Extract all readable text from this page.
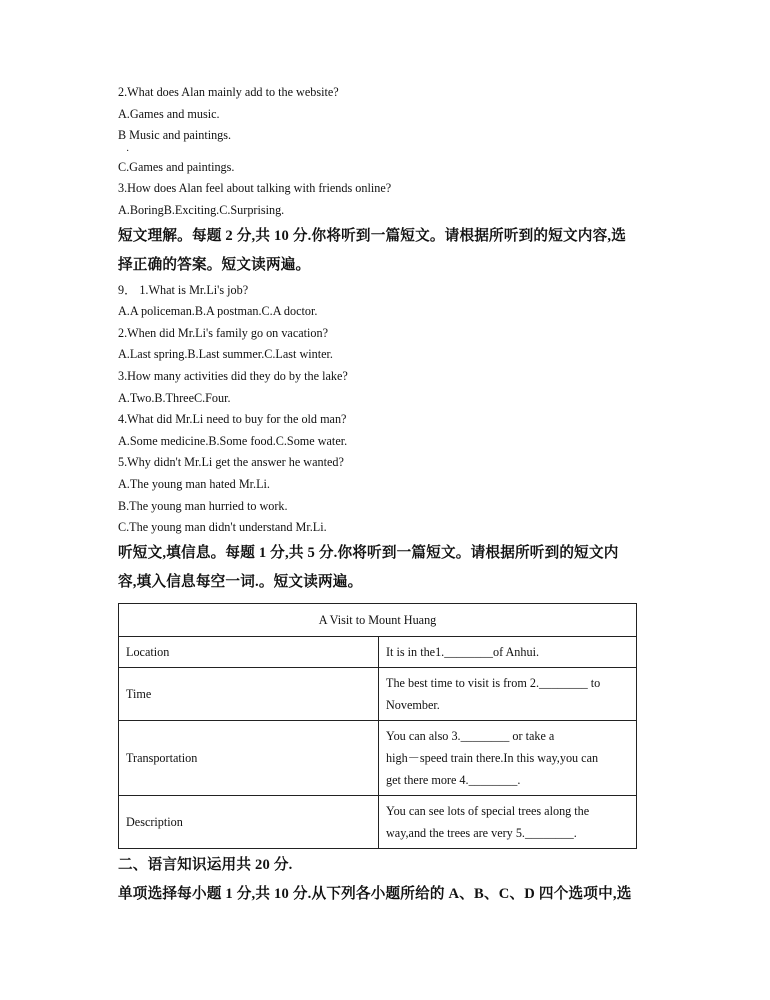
2.What does Alan mainly add to the website?
A.Games and music.
B Music and paintings.
·
C.Games and paintings.
3.How does Alan feel about talking with friends online?
A.BoringB.Exciting.C.Surprising.
短文理解。每题 2 分,共 10 分.你将听到一篇短文。请根据所听到的短文内容,选
择正确的答案。短文读两遍。
9． 1.What is Mr.Li's job?
A.A policeman.B.A postman.C.A doctor.
2.When did Mr.Li's family go on vacation?
A.Last spring.B.Last summer.C.Last winter.
3.How many activities did they do by the lake?
A.Two.B.ThreeC.Four.
4.What did Mr.Li need to buy for the old man?
A.Some medicine.B.Some food.C.Some water.
5.Why didn't Mr.Li get the answer he wanted?
A.The young man hated Mr.Li.
B.The young man hurried to work.
C.The young man didn't understand Mr.Li.
听短文,填信息。每题 1 分,共 5 分.你将听到一篇短文。请根据所听到的短文内
容,填入信息每空一词.。短文读两遍。
A Visit to Mount Huang	
Location	It is in the1.________of Anhui.

Time	The best time to visit is from 2.________ to
November.

Transportation	You can also 3.________ or take a
high－speed train there.In this way,you can
get there more 4.________.

Description	You can see lots of special trees along the
way,and the trees are very 5.________.
二、语言知识运用共 20 分.
单项选择每小题 1 分,共 10 分.从下列各小题所给的 A、B、C、D 四个选项中,选
